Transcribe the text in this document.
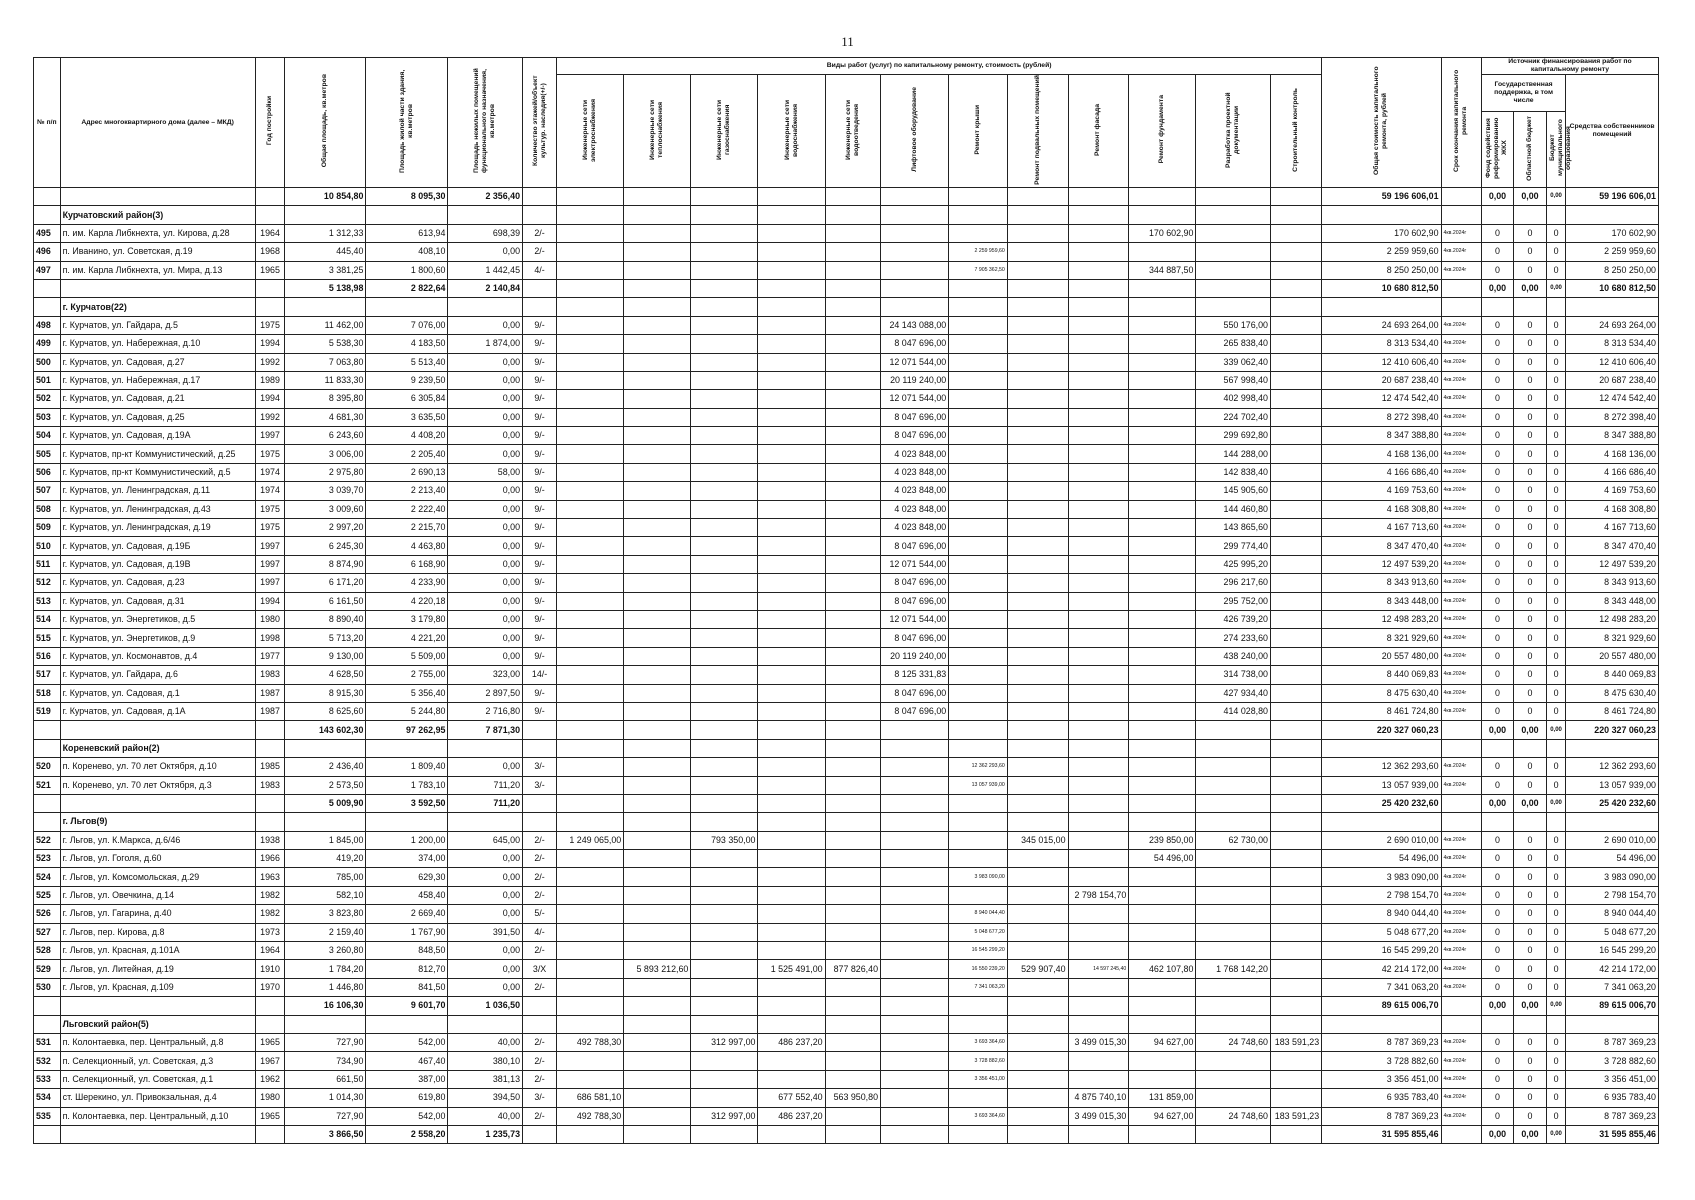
11
№ п/п	Адрес многоквартирного дома (далее – МКД)	Год постройки	Общая площадь, кв.метров	Площадь жилой части здания, кв.метров	Площадь нежилых помещений функционального назначения, кв.метров	Количество этажей/объект культур. наследия(+/-)	Виды работ (услуг) по капитальному ремонту, стоимость (рублей)												Общая стоимость капитального ремонта, рублей	Срок окончания капитального ремонта	Источник финансирования работ по капитальному ремонту			
							Инженерные сети электроснабжения	Инженерные сети теплоснабжения	Инженерные сети газоснабжения	Инженерные сети водоснабжения	Инженерные сети водоотведения	Лифтовое оборудование	Ремонт крыши	Ремонт подвальных помещений	Ремонт фасада	Ремонт фундамента	Разработка проектной документации	Строительный контроль			Государственная поддержка, в том числе			Средства собственников помещений
																					Фонд содействия реформированию ЖКХ	Областной бюджет	Бюджет муниципального образования	
			10 854,80	8 095,30	2 356,40														59 196 606,01		0,00	0,00	0,00	59 196 606,01
	Курчатовский район(3)																							
495	п. им. Карла Либкнехта, ул. Кирова, д.28	1964	1 312,33	613,94	698,39	2/-										170 602,90			170 602,90	4кв.2024г	0	0	0	170 602,90
496	п. Иванино, ул. Советская, д.19	1968	445,40	408,10	0,00	2/-							2 259 959,60						2 259 959,60	4кв.2024г	0	0	0	2 259 959,60
497	п. им. Карла Либкнехта, ул. Мира, д.13	1965	3 381,25	1 800,60	1 442,45	4/-							7 905 362,50			344 887,50			8 250 250,00	4кв.2024г	0	0	0	8 250 250,00
			5 138,98	2 822,64	2 140,84														10 680 812,50		0,00	0,00	0,00	10 680 812,50
	г. Курчатов(22)																							
498	г. Курчатов, ул. Гайдара, д.5	1975	11 462,00	7 076,00	0,00	9/-						24 143 088,00					550 176,00		24 693 264,00	4кв.2024г	0	0	0	24 693 264,00
499	г. Курчатов, ул. Набережная, д.10	1994	5 538,30	4 183,50	1 874,00	9/-						8 047 696,00					265 838,40		8 313 534,40	4кв.2024г	0	0	0	8 313 534,40
500	г. Курчатов, ул. Садовая, д.27	1992	7 063,80	5 513,40	0,00	9/-						12 071 544,00					339 062,40		12 410 606,40	4кв.2024г	0	0	0	12 410 606,40
501	г. Курчатов, ул. Набережная, д.17	1989	11 833,30	9 239,50	0,00	9/-						20 119 240,00					567 998,40		20 687 238,40	4кв.2024г	0	0	0	20 687 238,40
502	г. Курчатов, ул. Садовая, д.21	1994	8 395,80	6 305,84	0,00	9/-						12 071 544,00					402 998,40		12 474 542,40	4кв.2024г	0	0	0	12 474 542,40
503	г. Курчатов, ул. Садовая, д.25	1992	4 681,30	3 635,50	0,00	9/-						8 047 696,00					224 702,40		8 272 398,40	4кв.2024г	0	0	0	8 272 398,40
504	г. Курчатов, ул. Садовая, д.19А	1997	6 243,60	4 408,20	0,00	9/-						8 047 696,00					299 692,80		8 347 388,80	4кв.2024г	0	0	0	8 347 388,80
505	г. Курчатов, пр-кт Коммунистический, д.25	1975	3 006,00	2 205,40	0,00	9/-						4 023 848,00					144 288,00		4 168 136,00	4кв.2024г	0	0	0	4 168 136,00
506	г. Курчатов, пр-кт Коммунистический, д.5	1974	2 975,80	2 690,13	58,00	9/-						4 023 848,00					142 838,40		4 166 686,40	4кв.2024г	0	0	0	4 166 686,40
507	г. Курчатов, ул. Ленинградская, д.11	1974	3 039,70	2 213,40	0,00	9/-						4 023 848,00					145 905,60		4 169 753,60	4кв.2024г	0	0	0	4 169 753,60
508	г. Курчатов, ул. Ленинградская, д.43	1975	3 009,60	2 222,40	0,00	9/-						4 023 848,00					144 460,80		4 168 308,80	4кв.2024г	0	0	0	4 168 308,80
509	г. Курчатов, ул. Ленинградская, д.19	1975	2 997,20	2 215,70	0,00	9/-						4 023 848,00					143 865,60		4 167 713,60	4кв.2024г	0	0	0	4 167 713,60
510	г. Курчатов, ул. Садовая, д.19Б	1997	6 245,30	4 463,80	0,00	9/-						8 047 696,00					299 774,40		8 347 470,40	4кв.2024г	0	0	0	8 347 470,40
511	г. Курчатов, ул. Садовая, д.19В	1997	8 874,90	6 168,90	0,00	9/-						12 071 544,00					425 995,20		12 497 539,20	4кв.2024г	0	0	0	12 497 539,20
512	г. Курчатов, ул. Садовая, д.23	1997	6 171,20	4 233,90	0,00	9/-						8 047 696,00					296 217,60		8 343 913,60	4кв.2024г	0	0	0	8 343 913,60
513	г. Курчатов, ул. Садовая, д.31	1994	6 161,50	4 220,18	0,00	9/-						8 047 696,00					295 752,00		8 343 448,00	4кв.2024г	0	0	0	8 343 448,00
514	г. Курчатов, ул. Энергетиков, д.5	1980	8 890,40	3 179,80	0,00	9/-						12 071 544,00					426 739,20		12 498 283,20	4кв.2024г	0	0	0	12 498 283,20
515	г. Курчатов, ул. Энергетиков, д.9	1998	5 713,20	4 221,20	0,00	9/-						8 047 696,00					274 233,60		8 321 929,60	4кв.2024г	0	0	0	8 321 929,60
516	г. Курчатов, ул. Космонавтов, д.4	1977	9 130,00	5 509,00	0,00	9/-						20 119 240,00					438 240,00		20 557 480,00	4кв.2024г	0	0	0	20 557 480,00
517	г. Курчатов, ул. Гайдара, д.6	1983	4 628,50	2 755,00	323,00	14/-						8 125 331,83					314 738,00		8 440 069,83	4кв.2024г	0	0	0	8 440 069,83
518	г. Курчатов, ул. Садовая, д.1	1987	8 915,30	5 356,40	2 897,50	9/-						8 047 696,00					427 934,40		8 475 630,40	4кв.2024г	0	0	0	8 475 630,40
519	г. Курчатов, ул. Садовая, д.1А	1987	8 625,60	5 244,80	2 716,80	9/-						8 047 696,00					414 028,80		8 461 724,80	4кв.2024г	0	0	0	8 461 724,80
			143 602,30	97 262,95	7 871,30														220 327 060,23		0,00	0,00	0,00	220 327 060,23
	Кореневский район(2)																							
520	п. Коренево, ул. 70 лет Октября, д.10	1985	2 436,40	1 809,40	0,00	3/-							12 362 293,60						12 362 293,60	4кв.2024г	0	0	0	12 362 293,60
521	п. Коренево, ул. 70 лет Октября, д.3	1983	2 573,50	1 783,10	711,20	3/-							13 057 939,00						13 057 939,00	4кв.2024г	0	0	0	13 057 939,00
			5 009,90	3 592,50	711,20														25 420 232,60		0,00	0,00	0,00	25 420 232,60
	г. Льгов(9)																							
522	г. Льгов, ул. К.Маркса, д.6/46	1938	1 845,00	1 200,00	645,00	2/-	1 249 065,00		793 350,00					345 015,00		239 850,00	62 730,00		2 690 010,00	4кв.2024г	0	0	0	2 690 010,00
523	г. Льгов, ул. Гоголя, д.60	1966	419,20	374,00	0,00	2/-										54 496,00			54 496,00	4кв.2024г	0	0	0	54 496,00
524	г. Льгов, ул. Комсомольская, д.29	1963	785,00	629,30	0,00	2/-							3 983 090,00						3 983 090,00	4кв.2024г	0	0	0	3 983 090,00
525	г. Льгов, ул. Овечкина, д.14	1982	582,10	458,40	0,00	2/-									2 798 154,70				2 798 154,70	4кв.2024г	0	0	0	2 798 154,70
526	г. Льгов, ул. Гагарина, д.40	1982	3 823,80	2 669,40	0,00	5/-							8 940 044,40						8 940 044,40	4кв.2024г	0	0	0	8 940 044,40
527	г. Льгов, пер. Кирова, д.8	1973	2 159,40	1 767,90	391,50	4/-							5 048 677,20						5 048 677,20	4кв.2024г	0	0	0	5 048 677,20
528	г. Льгов, ул. Красная, д.101А	1964	3 260,80	848,50	0,00	2/-							16 545 299,20						16 545 299,20	4кв.2024г	0	0	0	16 545 299,20
529	г. Льгов, ул. Литейная, д.19	1910	1 784,20	812,70	0,00	3/Х		5 893 212,60		1 525 491,00	877 826,40		16 550 239,20	529 907,40	14 597 245,40	462 107,80	1 768 142,20		42 214 172,00	4кв.2024г	0	0	0	42 214 172,00
530	г. Льгов, ул. Красная, д.109	1970	1 446,80	841,50	0,00	2/-							7 341 063,20						7 341 063,20	4кв.2024г	0	0	0	7 341 063,20
			16 106,30	9 601,70	1 036,50														89 615 006,70		0,00	0,00	0,00	89 615 006,70
	Льговский район(5)																							
531	п. Колонтаевка, пер. Центральный, д.8	1965	727,90	542,00	40,00	2/-	492 788,30		312 997,00	486 237,20			3 693 364,60		3 499 015,30	94 627,00	24 748,60	183 591,23	8 787 369,23	4кв.2024г	0	0	0	8 787 369,23
532	п. Селекционный, ул. Советская, д.3	1967	734,90	467,40	380,10	2/-							3 728 882,60						3 728 882,60	4кв.2024г	0	0	0	3 728 882,60
533	п. Селекционный, ул. Советская, д.1	1962	661,50	387,00	381,13	2/-							3 356 451,00						3 356 451,00	4кв.2024г	0	0	0	3 356 451,00
534	ст. Шерекино, ул. Привокзальная, д.4	1980	1 014,30	619,80	394,50	3/-	686 581,10			677 552,40	563 950,80				4 875 740,10	131 859,00			6 935 783,40	4кв.2024г	0	0	0	6 935 783,40
535	п. Колонтаевка, пер. Центральный, д.10	1965	727,90	542,00	40,00	2/-	492 788,30		312 997,00	486 237,20			3 693 364,60		3 499 015,30	94 627,00	24 748,60	183 591,23	8 787 369,23	4кв.2024г	0	0	0	8 787 369,23
			3 866,50	2 558,20	1 235,73														31 595 855,46		0,00	0,00	0,00	31 595 855,46
